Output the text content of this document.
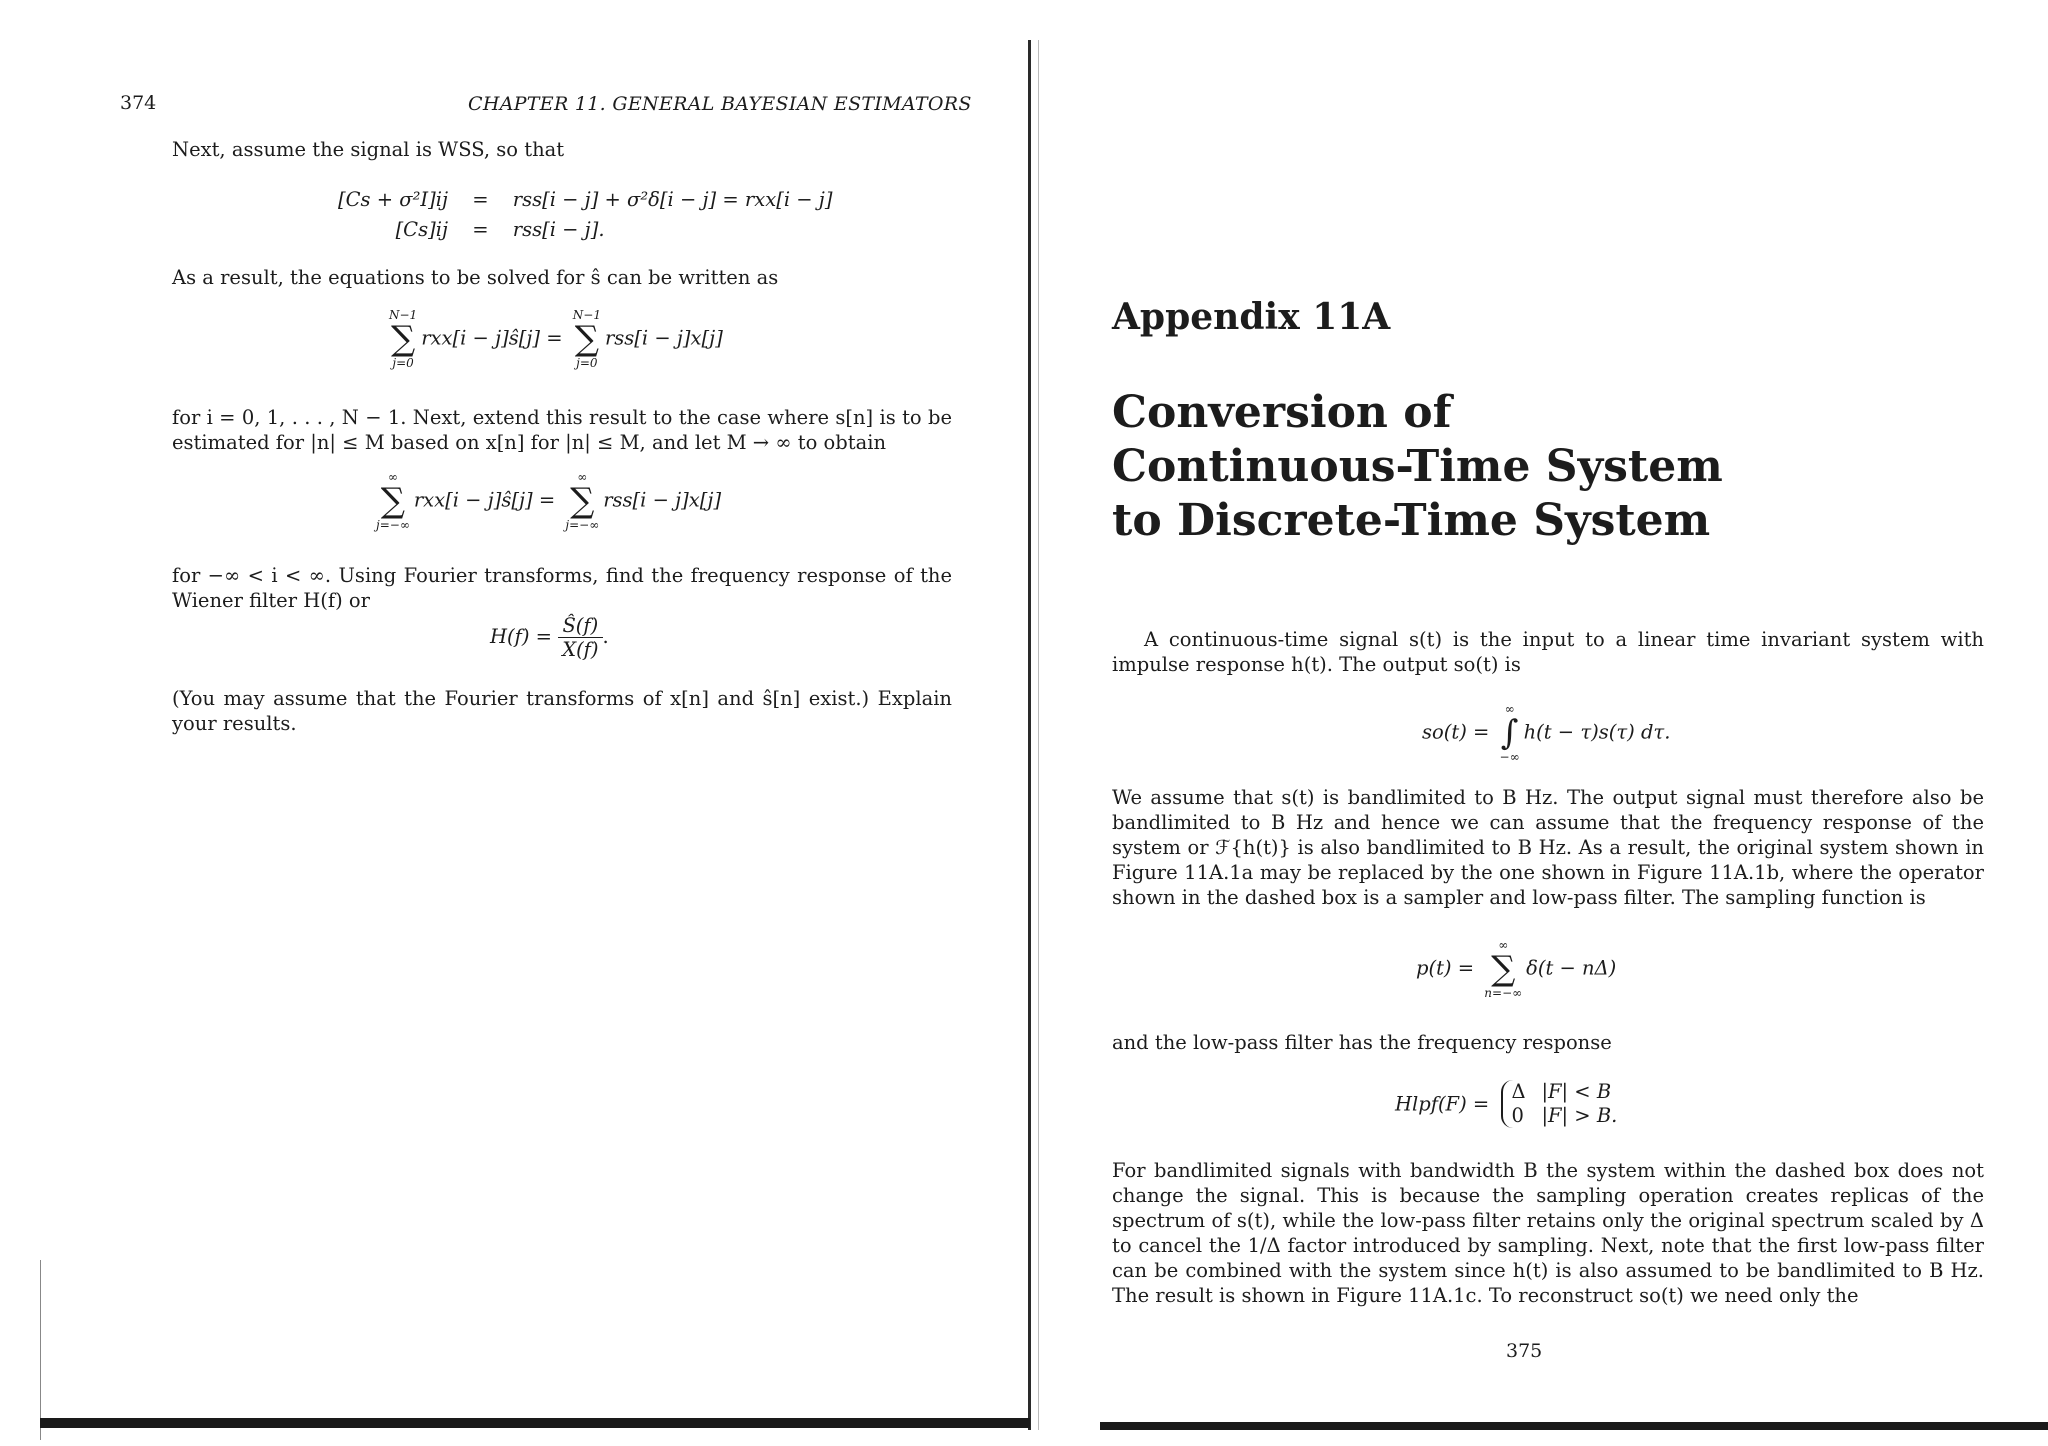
374	CHAPTER 11. GENERAL BAYESIAN ESTIMATORS
Next, assume the signal is WSS, so that
[Cs + σ²I]ij = rss[i − j] + σ²δ[i − j] = rxx[i − j]
[Cs]ij = rss[i − j].
As a result, the equations to be solved for ŝ can be written as
N−1
∑
j=0
rxx[i − j]ŝ[j] =
N−1
∑
j=0
rss[i − j]x[j]
for i = 0, 1, . . . , N − 1. Next, extend this result to the case where s[n] is to be estimated for |n| ≤ M based on x[n] for |n| ≤ M, and let M → ∞ to obtain
∞
∑
j=−∞
rxx[i − j]ŝ[j] =
∞
∑
j=−∞
rss[i − j]x[j]
for −∞ < i < ∞. Using Fourier transforms, find the frequency response of the Wiener filter H(f) or
$H(f) = \frac{Ŝ(f)}{X(f)}$ .
(You may assume that the Fourier transforms of x[n] and ŝ[n] exist.) Explain your results.
Appendix 11A
Conversion of
Continuous-Time System
to Discrete-Time System
A continuous-time signal s(t) is the input to a linear time invariant system with impulse response h(t). The output so(t) is
so(t) =
∞
∫
−∞
h(t − τ)s(τ) dτ.
We assume that s(t) is bandlimited to B Hz. The output signal must therefore also be bandlimited to B Hz and hence we can assume that the frequency response of the system or ℱ{h(t)} is also bandlimited to B Hz. As a result, the original system shown in Figure 11A.1a may be replaced by the one shown in Figure 11A.1b, where the operator shown in the dashed box is a sampler and low-pass filter. The sampling function is
p(t) =
∞
∑
n=−∞
δ(t − nΔ)
and the low-pass filter has the frequency response
Hlpf(F) =
Δ |F| < B
0 |F| > B.
For bandlimited signals with bandwidth B the system within the dashed box does not change the signal. This is because the sampling operation creates replicas of the spectrum of s(t), while the low-pass filter retains only the original spectrum scaled by Δ to cancel the 1/Δ factor introduced by sampling. Next, note that the first low-pass filter can be combined with the system since h(t) is also assumed to be bandlimited to B Hz. The result is shown in Figure 11A.1c. To reconstruct so(t) we need only the
375
